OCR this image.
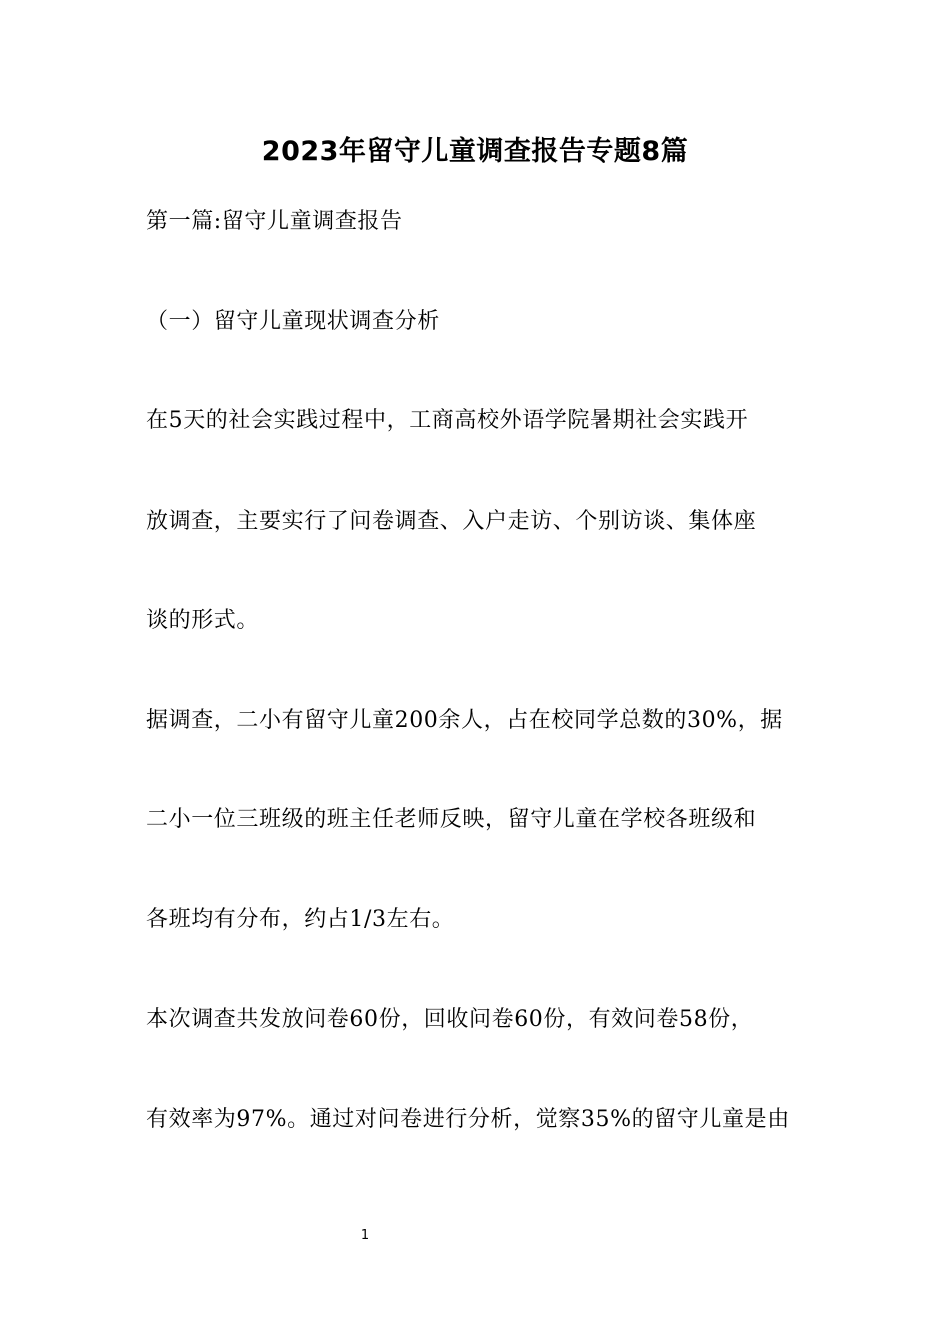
2023年留守儿童调查报告专题8篇
第一篇:留守儿童调查报告
（一）留守儿童现状调查分析
在5天的社会实践过程中，工商高校外语学院暑期社会实践开
放调查，主要实行了问卷调查、入户走访、个别访谈、集体座
谈的形式。
据调查，二小有留守儿童200余人，占在校同学总数的30%，据
二小一位三班级的班主任老师反映，留守儿童在学校各班级和
各班均有分布，约占1/3左右。
本次调查共发放问卷60份，回收问卷60份，有效问卷58份，
有效率为97%。通过对问卷进行分析，觉察35%的留守儿童是由
1
